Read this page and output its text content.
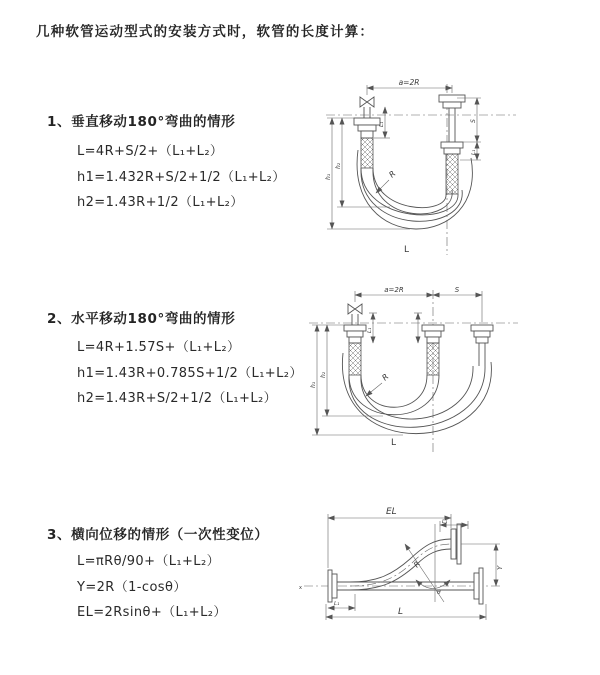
几种软管运动型式的安装方式时，软管的长度计算：
1、垂直移动180°弯曲的情形
L=4R+S/2+（L₁+L₂）
h1=1.432R+S/2+1/2（L₁+L₂）
h2=1.43R+1/2（L₁+L₂）
2、水平移动180°弯曲的情形
L=4R+1.57S+（L₁+L₂）
h1=1.43R+0.785S+1/2（L₁+L₂）
h2=1.43R+S/2+1/2（L₁+L₂）
3、横向位移的情形（一次性变位）
L=πRθ/90+（L₁+L₂）
Y=2R（1-cosθ）
EL=2Rsinθ+（L₁+L₂）
a=2R
h₁
h₂
L₁
S
L₁
R
L
a=2R	S
h₁
h₂
L₁
R
L
x
θ
R
EL
L₁
Y
L
L₁
